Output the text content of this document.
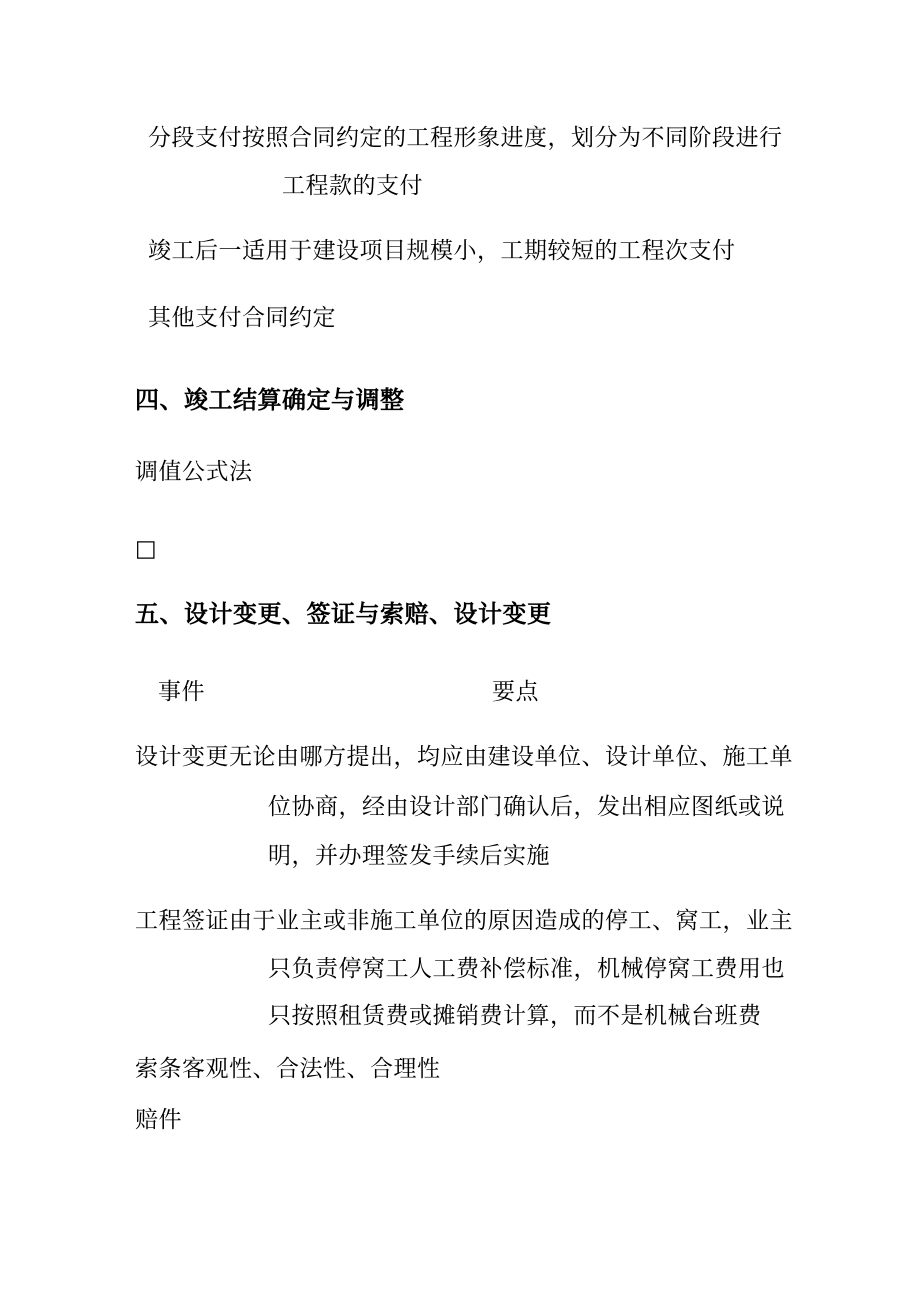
分段支付按照合同约定的工程形象进度，划分为不同阶段进行

工程款的支付

竣工后一适用于建设项目规模小，工期较短的工程次支付

其他支付合同约定

四、竣工结算确定与调整

调值公式法

□

五、设计变更、签证与索赔、设计变更

事件	要点

设计变更无论由哪方提出，均应由建设单位、设计单位、施工单

位协商，经由设计部门确认后，发出相应图纸或说

明，并办理签发手续后实施

工程签证由于业主或非施工单位的原因造成的停工、窝工，业主

只负责停窝工人工费补偿标准，机械停窝工费用也

只按照租赁费或摊销费计算，而不是机械台班费

索条客观性、合法性、合理性

赔件
